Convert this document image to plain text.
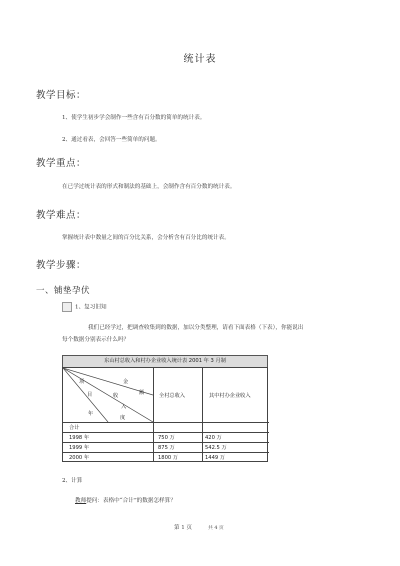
统计表
教学目标：
1、使学生初步学会制作一些含有百分数的简单的统计表。
2、通过看表，会回答一些简单的问题。
教学重点：
在已学过统计表的形式和制法的基础上，会制作含有百分数的统计表。
教学难点：
掌握统计表中数量之间的百分比关系，会分析含有百分比的统计表。
教学步骤：
一、铺垫孕伏
1、复习旧知
我们已经学过，把调查收集到的数据，加以分类整理，请看下面表格（下表），你能说出
每个数据分别表示什么吗？
东山村总收入和村办企业收入统计表 2001 年 3 月制
项
目	收
入
年
度
金
额	全村总收入	其中村办企业收入
合计
1998 年	750 万	420 万
1999 年	875 万	542.5 万
2000 年	1800 万	1449 万
2、计算
教师提问：表格中“合计”的数据怎样算？
第 1 页	共 4 页
